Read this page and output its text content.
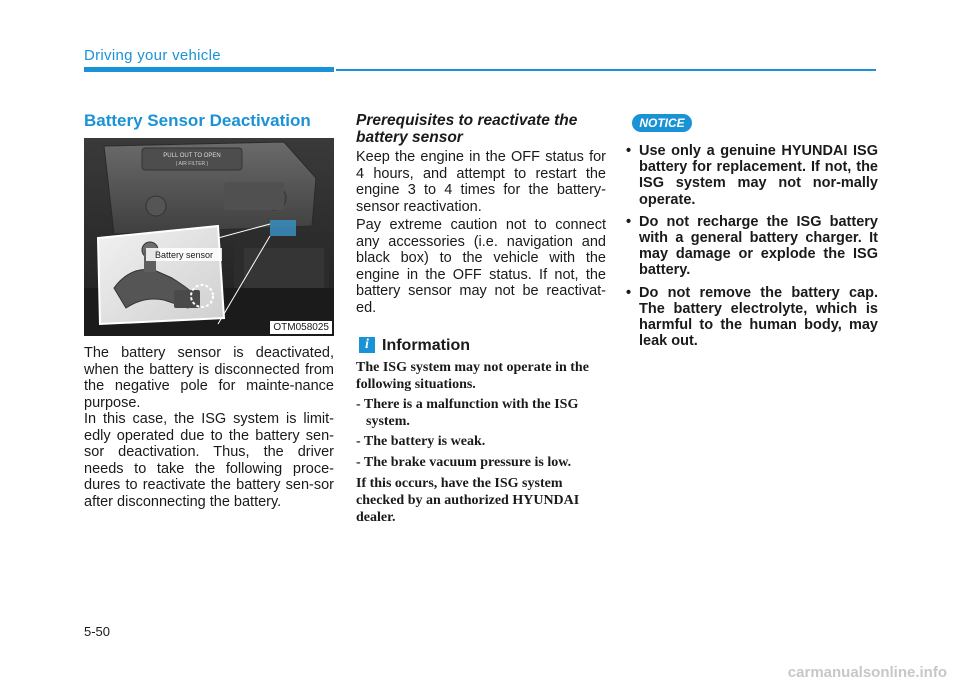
Driving your vehicle
Battery Sensor Deactivation
PULL OUT TO OPEN
( AIR FILTER )
Battery sensor
OTM058025
The battery sensor is deactivated, when the battery is disconnected from the negative pole for mainte-nance purpose.
In this case, the ISG system is limit-edly operated due to the battery sen-sor deactivation. Thus, the driver needs to take the following proce-dures to reactivate the battery sen-sor after disconnecting the battery.
Prerequisites to reactivate the battery sensor
Keep the engine in the OFF status for 4 hours, and attempt to restart the engine 3 to 4 times for the battery-sensor reactivation.
Pay extreme caution not to connect any accessories (i.e. navigation and black box) to the vehicle with the engine in the OFF status. If not, the battery sensor may not be reactivat-ed.
i Information
The ISG system may not operate in the following situations.
- There is a malfunction with the ISG system.
- The battery is weak.
- The brake vacuum pressure is low.
If this occurs, have the ISG system checked by an authorized HYUNDAI dealer.
NOTICE
• Use only a genuine HYUNDAI ISG battery for replacement. If not, the ISG system may not nor-mally operate.
• Do not recharge the ISG battery with a general battery charger. It may damage or explode the ISG battery.
• Do not remove the battery cap. The battery electrolyte, which is harmful to the human body, may leak out.
5-50
carmanualsonline.info
